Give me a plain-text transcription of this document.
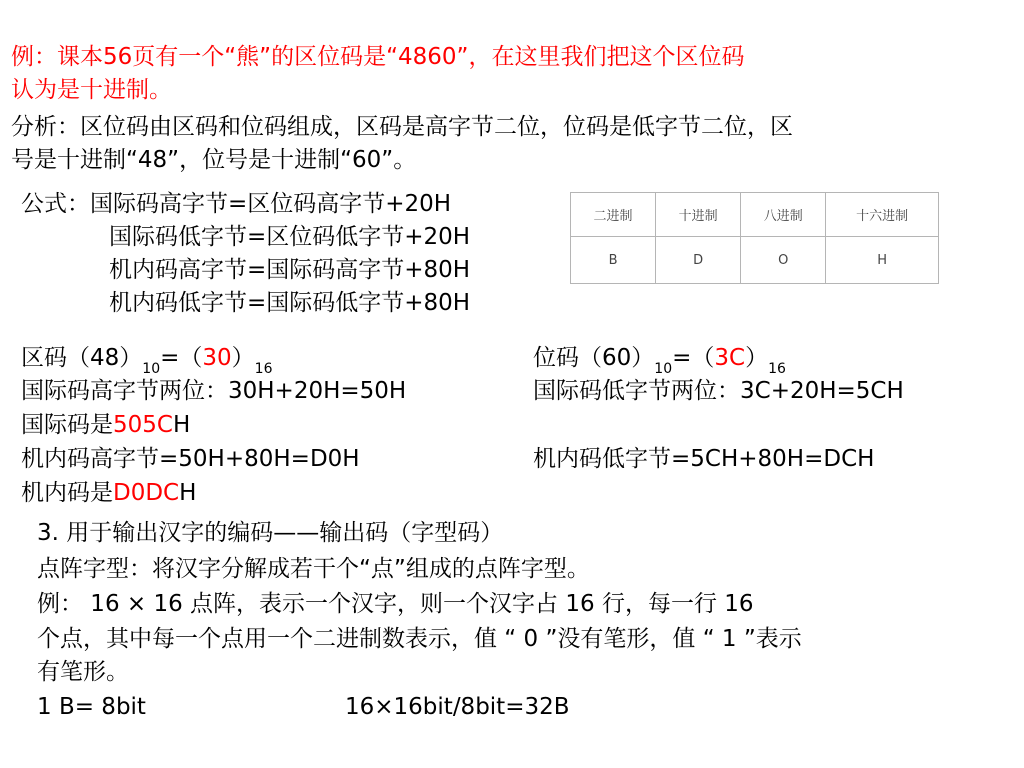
例：课本56页有一个“熊”的区位码是“4860”，在这里我们把这个区位码
认为是十进制。
分析：区位码由区码和位码组成，区码是高字节二位，位码是低字节二位，区
号是十进制“48”，位号是十进制“60”。
公式：国际码高字节=区位码高字节+20H
国际码低字节=区位码低字节+20H
机内码高字节=国际码高字节+80H
机内码低字节=国际码低字节+80H
二进制	十进制	八进制	十六进制
B	D	O	H
区码$(48)_{10}=(30)_{16}$	位码$(60)_{10}=(3C)_{16}$
国际码高字节两位：30H+20H=50H	国际码低字节两位：3C+20H=5CH
国际码是505CH
机内码高字节=50H+80H=D0H	机内码低字节=5CH+80H=DCH
机内码是D0DCH
3. 用于输出汉字的编码——输出码（字型码）
点阵字型：将汉字分解成若干个“点”组成的点阵字型。
例： 16 × 16 点阵，表示一个汉字，则一个汉字占 16 行，每一行 16
个点，其中每一个点用一个二进制数表示，值 “ 0 ”没有笔形，值 “ 1 ”表示
有笔形。
1 B= 8bit	16×16bit/8bit=32B
